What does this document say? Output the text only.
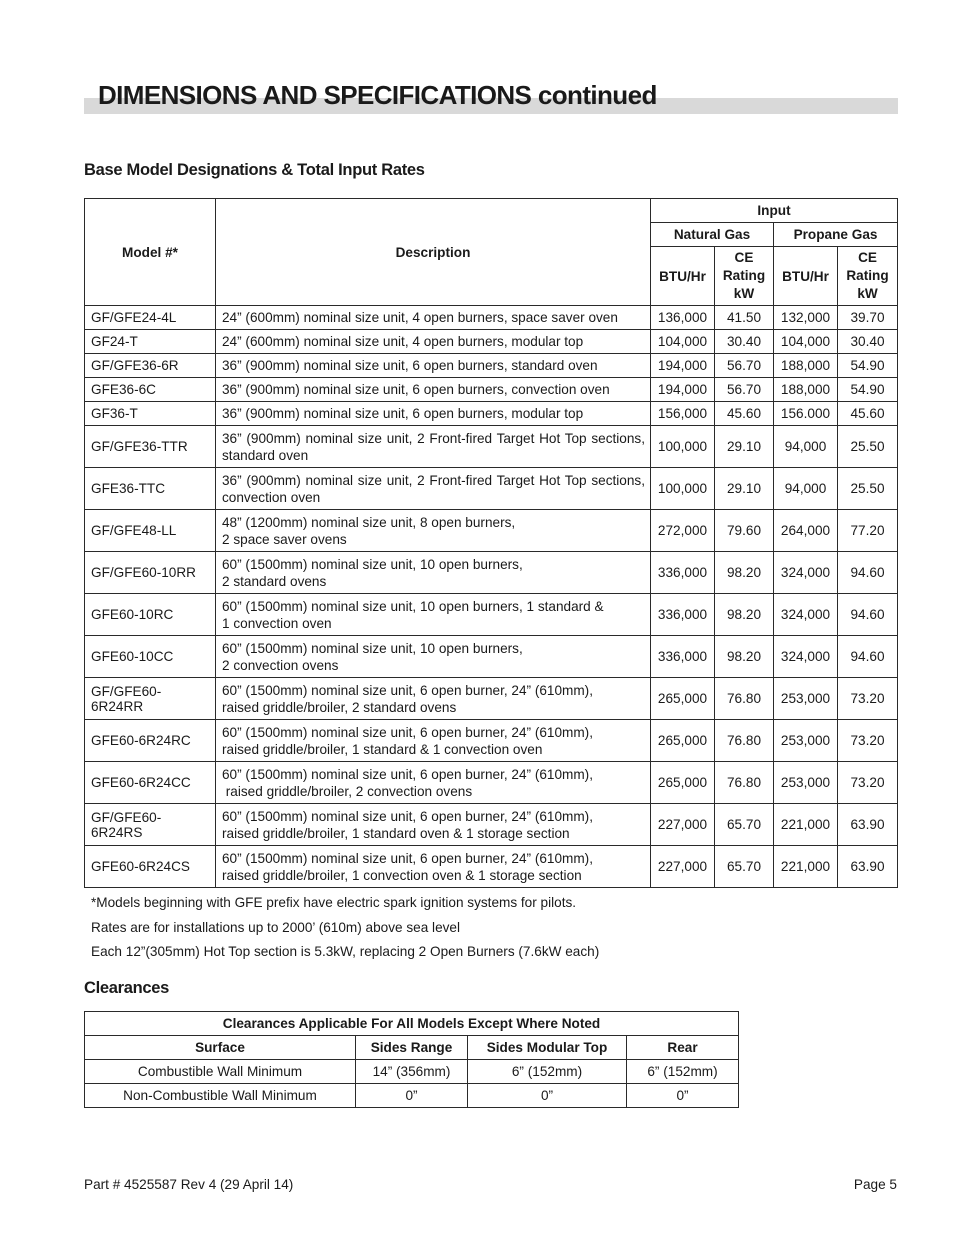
DIMENSIONS AND SPECIFICATIONS continued
Base Model Designations & Total Input Rates
Model #*	Description	Input			
		Natural Gas		Propane Gas	
		BTU/Hr	CE
Rating
kW	BTU/Hr	CE
Rating
kW
GF/GFE24-4L	24” (600mm) nominal size unit, 4 open burners, space saver oven	136,000	41.50	132,000	39.70
GF24-T	24” (600mm) nominal size unit, 4 open burners, modular top	104,000	30.40	104,000	30.40
GF/GFE36-6R	36” (900mm) nominal size unit, 6 open burners, standard oven	194,000	56.70	188,000	54.90
GFE36-6C	36” (900mm) nominal size unit, 6 open burners, convection oven	194,000	56.70	188,000	54.90
GF36-T	36” (900mm) nominal size unit, 6 open burners, modular top	156,000	45.60	156.000	45.60
GF/GFE36-TTR	36” (900mm) nominal size unit, 2 Front-fired Target Hot Top sections, standard oven	100,000	29.10	94,000	25.50
GFE36-TTC	36” (900mm) nominal size unit, 2 Front-fired Target Hot Top sections, convection oven	100,000	29.10	94,000	25.50
GF/GFE48-LL	48” (1200mm) nominal size unit, 8 open burners,
2 space saver ovens	272,000	79.60	264,000	77.20
GF/GFE60-10RR	60” (1500mm) nominal size unit, 10 open burners,
2 standard ovens	336,000	98.20	324,000	94.60
GFE60-10RC	60” (1500mm) nominal size unit, 10 open burners, 1 standard &
1 convection oven	336,000	98.20	324,000	94.60
GFE60-10CC	60” (1500mm) nominal size unit, 10 open burners,
2 convection ovens	336,000	98.20	324,000	94.60
GF/GFE60-6R24RR	60” (1500mm) nominal size unit, 6 open burner, 24” (610mm),
raised griddle/broiler, 2 standard ovens	265,000	76.80	253,000	73.20
GFE60-6R24RC	60” (1500mm) nominal size unit, 6 open burner, 24” (610mm),
raised griddle/broiler, 1 standard & 1 convection oven	265,000	76.80	253,000	73.20
GFE60-6R24CC	60” (1500mm) nominal size unit, 6 open burner, 24” (610mm),
raised griddle/broiler, 2 convection ovens	265,000	76.80	253,000	73.20
GF/GFE60-6R24RS	60” (1500mm) nominal size unit, 6 open burner, 24” (610mm),
raised griddle/broiler, 1 standard oven & 1 storage section	227,000	65.70	221,000	63.90
GFE60-6R24CS	60” (1500mm) nominal size unit, 6 open burner, 24” (610mm),
raised griddle/broiler, 1 convection oven & 1 storage section	227,000	65.70	221,000	63.90

*Models beginning with GFE prefix have electric spark ignition systems for pilots.

Rates are for installations up to 2000’ (610m) above sea level

Each 12”(305mm) Hot Top section is 5.3kW, replacing 2 Open Burners (7.6kW each)

Clearances
Clearances Applicable For All Models Except Where Noted			
Surface	Sides Range	Sides Modular Top	Rear
Combustible Wall Minimum	14” (356mm)	6” (152mm)	6” (152mm)
Non-Combustible Wall Minimum	0”	0”	0”

Part # 4525587 Rev 4 (29 April 14)	Page 5
